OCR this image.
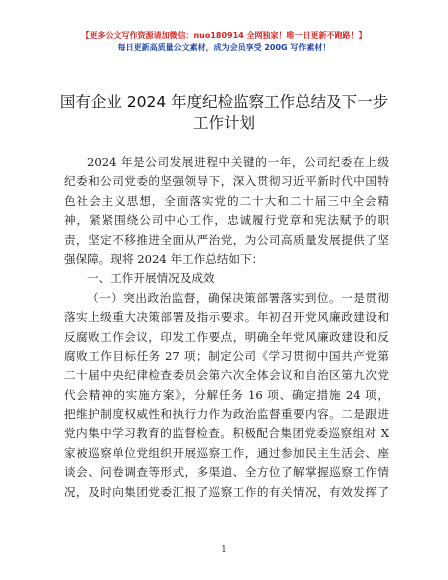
【更多公文写作资源请加微信：nuo180914 全网独家！唯一日更新不跑路！】
每日更新高质量公文素材，成为会员享受 200G 写作素材！
国有企业 2024 年度纪检监察工作总结及下一步
工作计划
2024 年是公司发展进程中关键的一年，公司纪委在上级
纪委和公司党委的坚强领导下，深入贯彻习近平新时代中国特
色社会主义思想，全面落实党的二十大和二十届三中全会精
神，紧紧围绕公司中心工作，忠诚履行党章和宪法赋予的职
责，坚定不移推进全面从严治党，为公司高质量发展提供了坚
强保障。现将 2024 年工作总结如下：
一、工作开展情况及成效
（一）突出政治监督，确保决策部署落实到位。一是贯彻
落实上级重大决策部署及指示要求。年初召开党风廉政建设和
反腐败工作会议，印发工作要点，明确全年党风廉政建设和反
腐败工作目标任务 27 项；制定公司《学习贯彻中国共产党第
二十届中央纪律检查委员会第六次全体会议和自治区第九次党
代会精神的实施方案》，分解任务 16 项、确定措施 24 项，
把维护制度权威性和执行力作为政治监督重要内容。二是跟进
党内集中学习教育的监督检查。积极配合集团党委巡察组对 X
家被巡察单位党组织开展巡察工作，通过参加民主生活会、座
谈会、问卷调查等形式，多渠道、全方位了解掌握巡察工作情
况，及时向集团党委汇报了巡察工作的有关情况，有效发挥了
1
